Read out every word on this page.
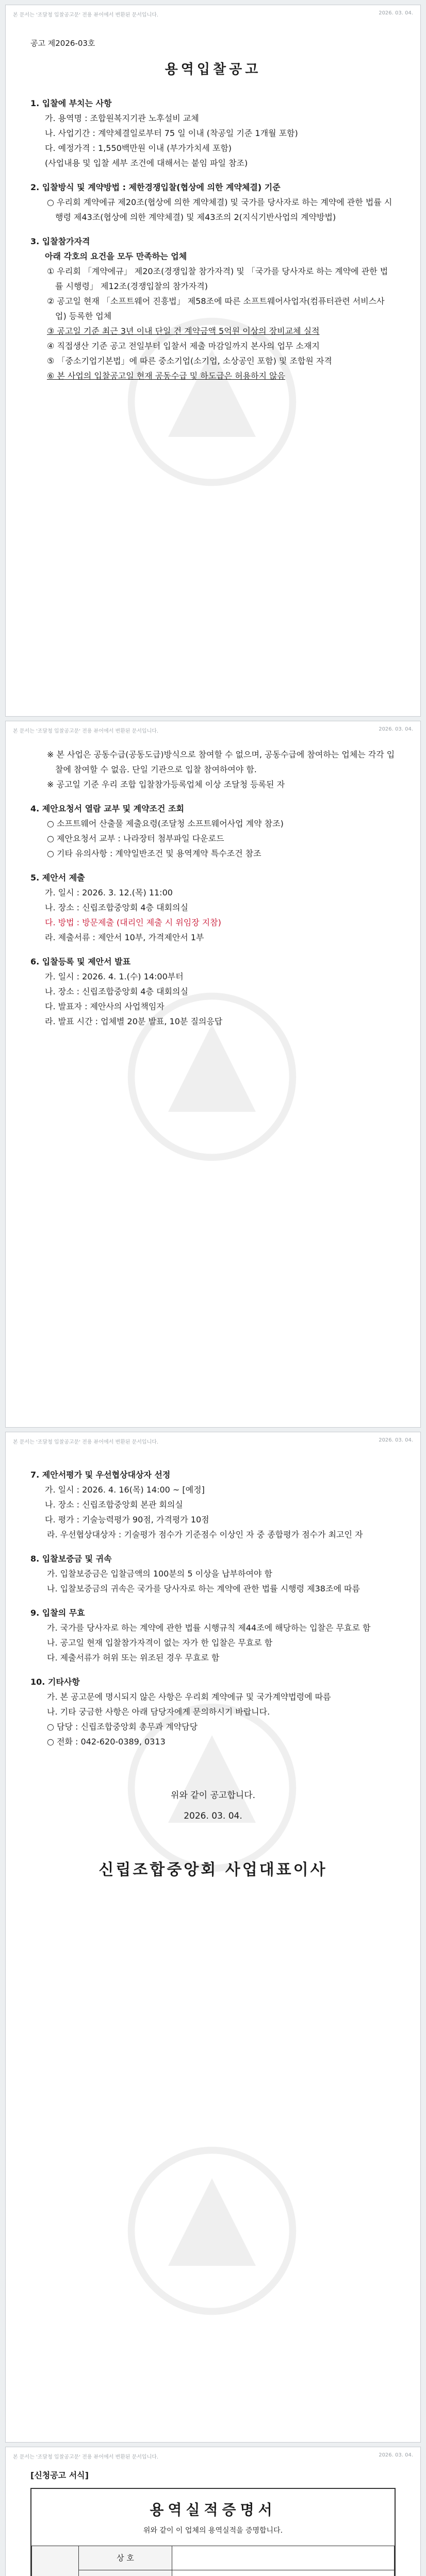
본 문서는 '조달청 입찰공고문' 전용 뷰어에서 변환된 문서입니다.	2026. 03. 04.
공고 제2026-03호
용역입찰공고
1. 입찰에 부치는 사항
가. 용역명 : 조합원복지기관 노후설비 교체
나. 사업기간 : 계약체결일로부터 75 일 이내 (착공일 기준 1개월 포함)
다. 예정가격 : 1,550백만원 이내 (부가가치세 포함)
(사업내용 및 입찰 세부 조건에 대해서는 붙임 파일 참조)
2. 입찰방식 및 계약방법 : 제한경쟁입찰(협상에 의한 계약체결) 기준
○ 우리회 계약에규 제20조(협상에 의한 계약체결) 및 국가를 당사자로 하는 계약에 관한 법률 시행령 제43조(협상에 의한 계약체결) 및 제43조의 2(지식기반사업의 계약방법)
3. 입찰참가자격
아래 각호의 요건을 모두 만족하는 업체
① 우리회 「계약에규」 제20조(경쟁입찰 참가자격) 및 「국가를 당사자로 하는 계약에 관한 법률 시행령」 제12조(경쟁입찰의 참가자격)
② 공고일 현재 「소프트웨어 진흥법」 제58조에 따른 소프트웨어사업자(컴퓨터관련 서비스사업) 등록한 업체
③ 공고일 기준 최근 3년 이내 단일 건 계약금액 5억원 이상의 장비교체 실적
④ 직접생산 기준 공고 전일부터 입찰서 제출 마감일까지 본사의 업무 소재지
⑤ 「중소기업기본법」에 따른 중소기업(소기업, 소상공인 포함) 및 조합원 자격
⑥ 본 사업의 입찰공고일 현재 공동수급 및 하도급은 허용하지 않음
본 문서는 '조달청 입찰공고문' 전용 뷰어에서 변환된 문서입니다.	2026. 03. 04.
※ 본 사업은 공동수급(공동도급)방식으로 참여할 수 없으며, 공동수급에 참여하는 업체는 각각 입찰에 참여할 수 없음. 단일 기관으로 입찰 참여하여야 함.
※ 공고일 기준 우리 조합 입찰참가등록업체 이상 조달청 등록된 자
4. 제안요청서 열람 교부 및 계약조건 조회
○ 소프트웨어 산출물 제출요령(조달청 소프트웨어사업 계약 참조)
○ 제안요청서 교부 : 나라장터 첨부파일 다운로드
○ 기타 유의사항 : 계약일반조건 및 용역계약 특수조건 참조
5. 제안서 제출
가. 일시 : 2026. 3. 12.(목) 11:00
나. 장소 : 신립조합중앙회 4층 대회의실
다. 방법 : 방문제출 (대리인 제출 시 위임장 지참)
라. 제출서류 : 제안서 10부, 가격제안서 1부
6. 입찰등록 및 제안서 발표
가. 일시 : 2026. 4. 1.(수) 14:00부터
나. 장소 : 신립조합중앙회 4층 대회의실
다. 발표자 : 제안사의 사업책임자
라. 발표 시간 : 업체별 20분 발표, 10분 질의응답
본 문서는 '조달청 입찰공고문' 전용 뷰어에서 변환된 문서입니다.	2026. 03. 04.
7. 제안서평가 및 우선협상대상자 선정
가. 일시 : 2026. 4. 16(목) 14:00 ~ [예정]
나. 장소 : 신립조합중앙회 본관 회의실
다. 평가 : 기술능력평가 90점, 가격평가 10점
라. 우선협상대상자 : 기술평가 점수가 기준점수 이상인 자 중 종합평가 점수가 최고인 자
8. 입찰보증금 및 귀속
가. 입찰보증금은 입찰금액의 100분의 5 이상을 납부하여야 함
나. 입찰보증금의 귀속은 국가를 당사자로 하는 계약에 관한 법률 시행령 제38조에 따름
9. 입찰의 무효
가. 국가를 당사자로 하는 계약에 관한 법률 시행규칙 제44조에 해당하는 입찰은 무효로 함
나. 공고일 현재 입찰참가자격이 없는 자가 한 입찰은 무효로 함
다. 제출서류가 허위 또는 위조된 경우 무효로 함
10. 기타사항
가. 본 공고문에 명시되지 않은 사항은 우리회 계약에규 및 국가계약법령에 따름
나. 기타 궁금한 사항은 아래 담당자에게 문의하시기 바랍니다.
○ 담당 : 신립조합중앙회 총무과 계약담당
○ 전화 : 042-620-0389, 0313
위와 같이 공고합니다.
2026. 03. 04.
신립조합중앙회 사업대표이사
본 문서는 '조달청 입찰공고문' 전용 뷰어에서 변환된 문서입니다.	2026. 03. 04.
[신청공고 서식]
용역실적증명서
위와 같이 이 업체의 용역실적을 증명합니다.
	상 호	
